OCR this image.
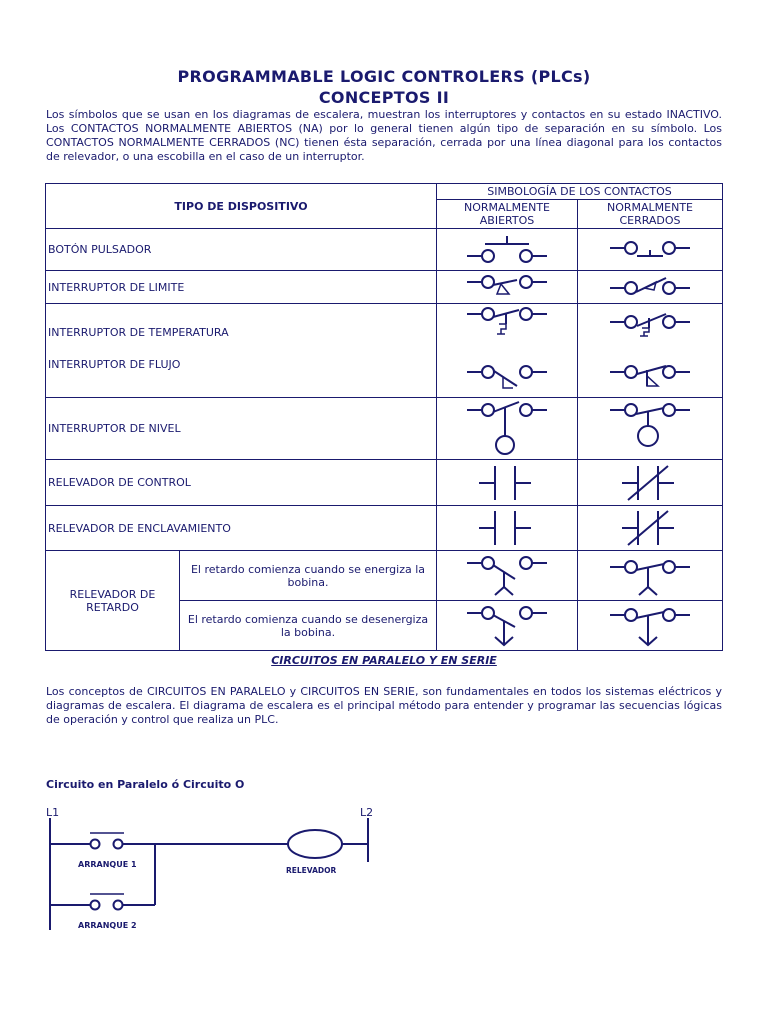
PROGRAMMABLE LOGIC CONTROLERS (PLCs)
CONCEPTOS II
Los símbolos que se usan en los diagramas de escalera, muestran los interruptores y contactos en su estado INACTIVO. Los CONTACTOS NORMALMENTE ABIERTOS (NA) por lo general tienen algún tipo de separación en su símbolo. Los CONTACTOS NORMALMENTE CERRADOS (NC) tienen ésta separación, cerrada por una línea diagonal para los contactos de relevador, o una escobilla en el caso de un interruptor.
TIPO DE DISPOSITIVO		SIMBOLOGÍA DE LOS CONTACTOS	
		NORMALMENTE ABIERTOS	NORMALMENTE CERRADOS
BOTÓN PULSADOR	

INTERRUPTOR DE LIMITE	

INTERRUPTOR DE TEMPERATURA
INTERRUPTOR DE FLUJO

INTERRUPTOR DE NIVEL	

RELEVADOR DE CONTROL	

RELEVADOR DE ENCLAVAMIENTO	

RELEVADOR DE RETARDO	El retardo comienza cuando se energiza la bobina.	

	El retardo comienza cuando se desenergiza la bobina.	

CIRCUITOS EN PARALELO Y EN SERIE
Los conceptos de CIRCUITOS EN PARALELO y CIRCUITOS EN SERIE, son fundamentales en todos los sistemas eléctricos y diagramas de escalera. El diagrama de escalera es el principal método para entender y programar las secuencias lógicas de operación y control que realiza un PLC.
Circuito en Paralelo ó Circuito O
L1	L2
ARRANQUE 1
ARRANQUE 2
RELEVADOR
